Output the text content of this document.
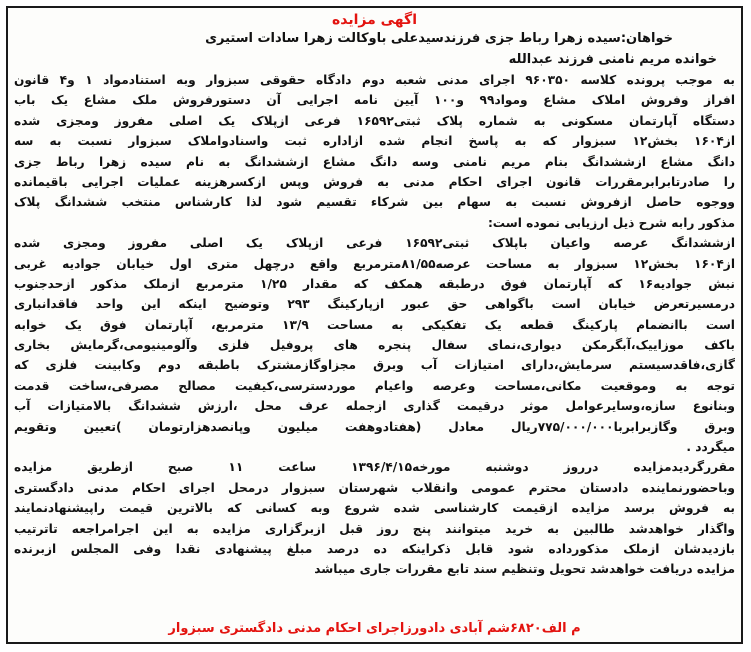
اگهی مزایده
خواهان:سیده زهرا رباط جزی فرزندسیدعلی باوکالت زهرا سادات استیری
خوانده مریم نامنی فرزند عبدالله
به موجب پرونده کلاسه ۹۶۰۳۵۰ اجرای مدنی شعبه دوم دادگاه حقوقی سبزوار وبه استنادمواد ۱ و۴ قانون
افراز وفروش املاک مشاع ومواد۹۹ و۱۰۰ آیین نامه اجرایی آن دستورفروش ملک مشاع یک باب
دستگاه آپارتمان مسکونی به شماره پلاک ثبتی۱۶۵۹۲ فرعی ازپلاک یک اصلی مفروز ومجزی شده
از۱۶۰۴ بخش۱۲ سبزوار که به پاسخ انجام شده ازاداره ثبت واسنادواملاک سبزوار نسبت به سه
دانگ مشاع ازششدانگ بنام مریم نامنی وسه دانگ مشاع ازششدانگ به نام سیده زهرا رباط جزی
را صادرتابرابرمقررات قانون اجرای احکام مدنی به فروش وپس ازکسرهزینه عملیات اجرایی باقیمانده
ووجوه حاصل ازفروش نسبت به سهام بین شرکاء تقسیم شود لذا کارشناس منتخب ششدانگ پلاک
مذکور رابه شرح ذیل ارزیابی نموده است:
ازششدانگ عرصه واعیان باپلاک ثبتی۱۶۵۹۲ فرعی ازپلاک یک اصلی مفروز ومجزی شده
از۱۶۰۴ بخش۱۲ سبزوار به مساحت عرصه۸۱/۵۵مترمربع واقع درچهل متری اول خیابان جوادیه غربی
نبش جوادیه۱۶ که آپارتمان فوق درطبقه همکف که مقدار ۱/۲۵ مترمربع ازملک مذکور ازحدجنوب
درمسیرتعرض خیابان است باگواهی حق عبور ازپارکینگ ۲۹۳ وتوضیح اینکه این واحد فاقدانباری
است باانضمام پارکینگ قطعه یک تفکیکی به مساحت ۱۳/۹ مترمربع، آپارتمان فوق یک خوابه
باکف موزاییک،آبگرمکن دیواری،نمای سفال پنجره های پروفیل فلزی وآلومینیومی،گرمایش بخاری
گازی،فاقدسیستم سرمایش،دارای امتیازات آب وبرق مجزاوگازمشترک باطبقه دوم وکابینت فلزی که
توجه به وموقعیت مکانی،مساحت وعرصه واعیام موردسترسی،کیفیت مصالح مصرفی،ساخت قدمت
وبنانوع سازه،وسایرعوامل موثر درقیمت گذاری ازجمله عرف محل ،ارزش ششدانگ بالامتیازات آب
وبرق وگازبرابربا۷۷۵/۰۰۰/۰۰۰ریال معادل (هفتادوهفت میلیون وپانصدهزارتومان )تعیین وتقویم
میگردد .
مقررگردیدمزایده درروز دوشنبه مورخه۱۳۹۶/۴/۱۵ ساعت ۱۱ صبح ازطریق مزایده
وباحضورنماینده دادستان محترم عمومی وانقلاب شهرستان سبزوار درمحل اجرای احکام مدنی دادگستری
به فروش برسد مزایده ازقیمت کارشناسی شده شروع وبه کسانی که بالاترین قیمت راپیشنهادنمایند
واگذار خواهدشد طالبین به خرید میتوانند پنج روز قبل ازبرگزاری مزایده به این اجرامراجعه تاترتیب
بازدیدشان ازملک مذکورداده شود قابل ذکراینکه ده درصد مبلغ پیشنهادی نقدا وفی المجلس ازبرنده
مزایده دریافت خواهدشد تحویل وتنظیم سند تابع مقررات جاری میباشد
م الف۶۸۲۰شم آبادی دادورزاجرای احکام مدنی دادگستری سبزوار
